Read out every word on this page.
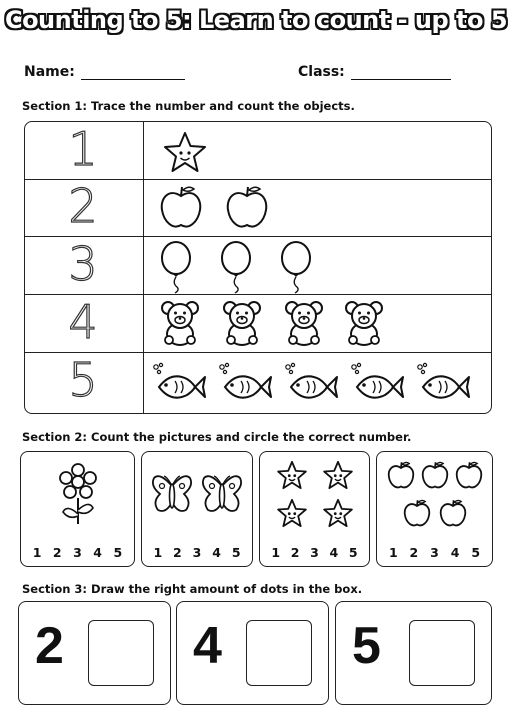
Counting to 5: Learn to count - up to 5
Name:	Class:
Section 1: Trace the number and count the objects.
1
2
3
4
5
Section 2: Count the pictures and circle the correct number.
1 2 3 4 5	1 2 3 4 5 1 2 3 4 5	1 2 3 4 5
Section 3: Draw the right amount of dots in the box.
2 4	5
